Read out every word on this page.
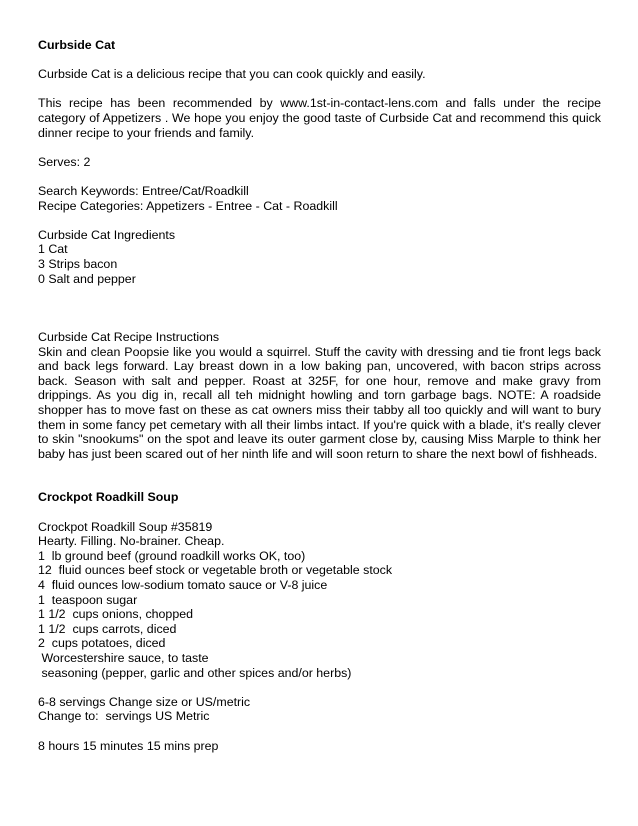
Curbside Cat

Curbside Cat is a delicious recipe that you can cook quickly and easily.

This recipe has been recommended by www.1st-in-contact-lens.com and falls under the recipe category of Appetizers . We hope you enjoy the good taste of Curbside Cat and recommend this quick dinner recipe to your friends and family.

Serves: 2

Search Keywords: Entree/Cat/Roadkill

Recipe Categories: Appetizers - Entree - Cat - Roadkill

Curbside Cat Ingredients

1 Cat

3 Strips bacon

0 Salt and pepper

Curbside Cat Recipe Instructions

Skin and clean Poopsie like you would a squirrel. Stuff the cavity with dressing and tie front legs back and back legs forward. Lay breast down in a low baking pan, uncovered, with bacon strips across back. Season with salt and pepper. Roast at 325F, for one hour, remove and make gravy from drippings. As you dig in, recall all teh midnight howling and torn garbage bags. NOTE: A roadside shopper has to move fast on these as cat owners miss their tabby all too quickly and will want to bury them in some fancy pet cemetary with all their limbs intact. If you're quick with a blade, it's really clever to skin "snookums" on the spot and leave its outer garment close by, causing Miss Marple to think her baby has just been scared out of her ninth life and will soon return to share the next bowl of fishheads.

Crockpot Roadkill Soup

Crockpot Roadkill Soup #35819

Hearty. Filling. No-brainer. Cheap.

1  lb ground beef (ground roadkill works OK, too)

12  fluid ounces beef stock or vegetable broth or vegetable stock

4  fluid ounces low-sodium tomato sauce or V-8 juice

1  teaspoon sugar

1 1/2  cups onions, chopped

1 1/2  cups carrots, diced

2  cups potatoes, diced

Worcestershire sauce, to taste

seasoning (pepper, garlic and other spices and/or herbs)

6-8 servings Change size or US/metric

Change to:  servings US Metric

8 hours 15 minutes 15 mins prep
